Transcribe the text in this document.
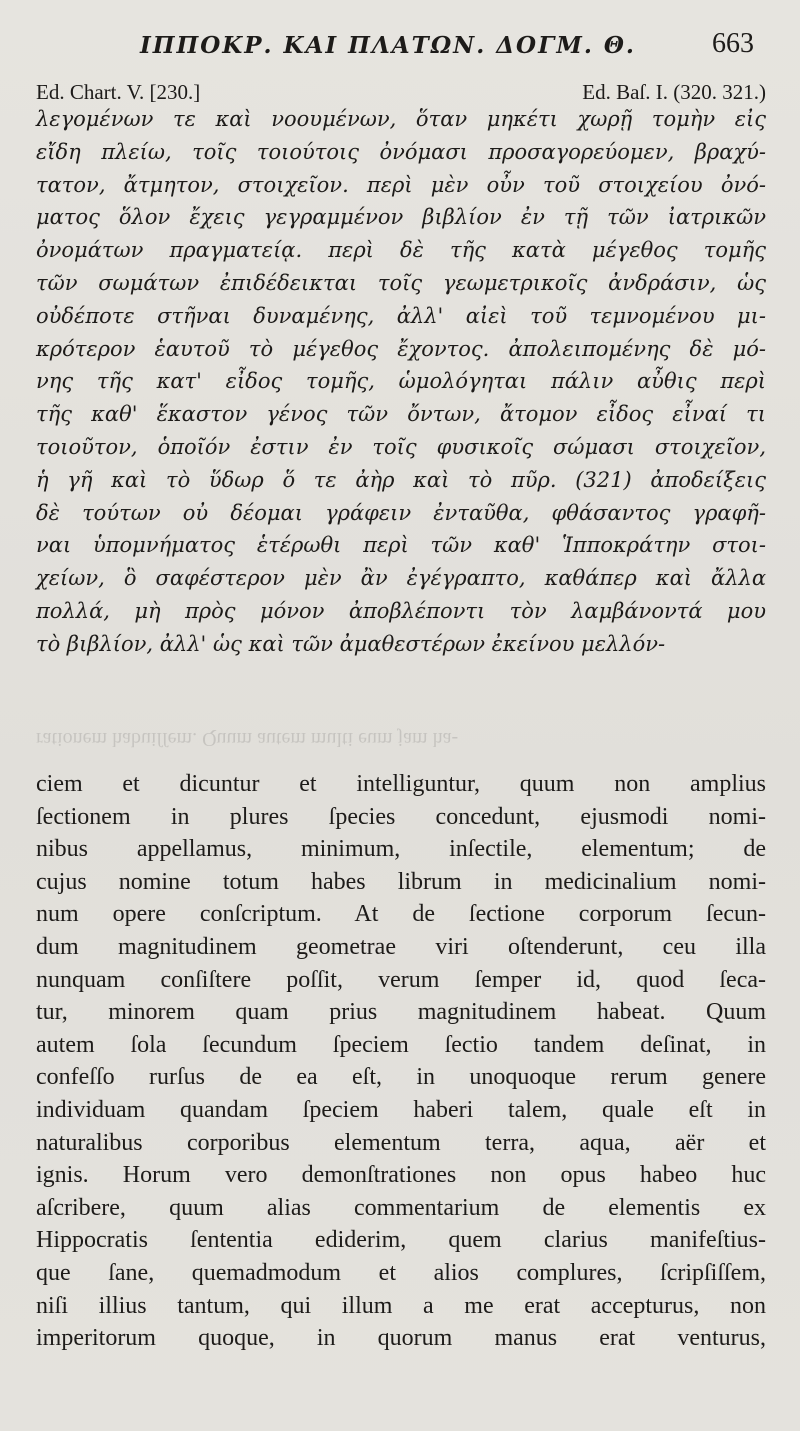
ΙΠΠΟΚΡ. ΚΑΙ ΠΛΑΤΩΝ. ΔΟΓΜ. Θ.	663
Ed. Chart. V. [230.]	Ed. Baſ. I. (320. 321.)
λεγομένων τε καὶ νοουμένων, ὅταν μηκέτι χωρῇ τομὴν εἰς
εἴδη πλείω, τοῖς τοιούτοις ὀνόμασι προσαγορεύομεν, βραχύ-
τατον, ἄτμητον, στοιχεῖον. περὶ μὲν οὖν τοῦ στοιχείου ὀνό-
ματος ὅλον ἔχεις γεγραμμένον βιβλίον ἐν τῇ τῶν ἰατρικῶν
ὀνομάτων πραγματείᾳ. περὶ δὲ τῆς κατὰ μέγεθος τομῆς
τῶν σωμάτων ἐπιδέδεικται τοῖς γεωμετρικοῖς ἀνδράσιν, ὡς
οὐδέποτε στῆναι δυναμένης, ἀλλ' αἰεὶ τοῦ τεμνομένου μι-
κρότερον ἑαυτοῦ τὸ μέγεθος ἔχοντος. ἀπολειπομένης δὲ μό-
νης τῆς κατ' εἶδος τομῆς, ὡμολόγηται πάλιν αὖθις περὶ
τῆς καθ' ἕκαστον γένος τῶν ὄντων, ἄτομον εἶδος εἶναί τι
τοιοῦτον, ὁποῖόν ἐστιν ἐν τοῖς φυσικοῖς σώμασι στοιχεῖον,
ἡ γῆ καὶ τὸ ὕδωρ ὅ τε ἀὴρ καὶ τὸ πῦρ. (321) ἀποδείξεις
δὲ τούτων οὐ δέομαι γράφειν ἐνταῦθα, φθάσαντος γραφῆ-
ναι ὑπομνήματος ἑτέρωθι περὶ τῶν καθ' Ἱπποκράτην στοι-
χείων, ὃ σαφέστερον μὲν ἂν ἐγέγραπτο, καθάπερ καὶ ἄλλα
πολλά, μὴ πρὸς μόνον ἀποβλέποντι τὸν λαμβάνοντά μου
τὸ βιβλίον, ἀλλ' ὡς καὶ τῶν ἀμαθεστέρων ἐκείνου μελλόν-
rationem habuiſſem. Quum autem multi eum jam ha-
ciem et dicuntur et intelliguntur, quum non amplius
ſectionem in plures ſpecies concedunt, ejusmodi nomi-
nibus appellamus, minimum, inſectile, elementum; de
cujus nomine totum habes librum in medicinalium nomi-
num opere conſcriptum. At de ſectione corporum ſecun-
dum magnitudinem geometrae viri oſtenderunt, ceu illa
nunquam conſiſtere poſſit, verum ſemper id, quod ſeca-
tur, minorem quam prius magnitudinem habeat. Quum
autem ſola ſecundum ſpeciem ſectio tandem deſinat, in
confeſſo rurſus de ea eſt, in unoquoque rerum genere
individuam quandam ſpeciem haberi talem, quale eſt in
naturalibus corporibus elementum terra, aqua, aër et
ignis. Horum vero demonſtrationes non opus habeo huc
aſcribere, quum alias commentarium de elementis ex
Hippocratis ſententia ediderim, quem clarius manifeſtius-
que ſane, quemadmodum et alios complures, ſcripſiſſem,
niſi illius tantum, qui illum a me erat accepturus, non
imperitorum quoque, in quorum manus erat venturus,
